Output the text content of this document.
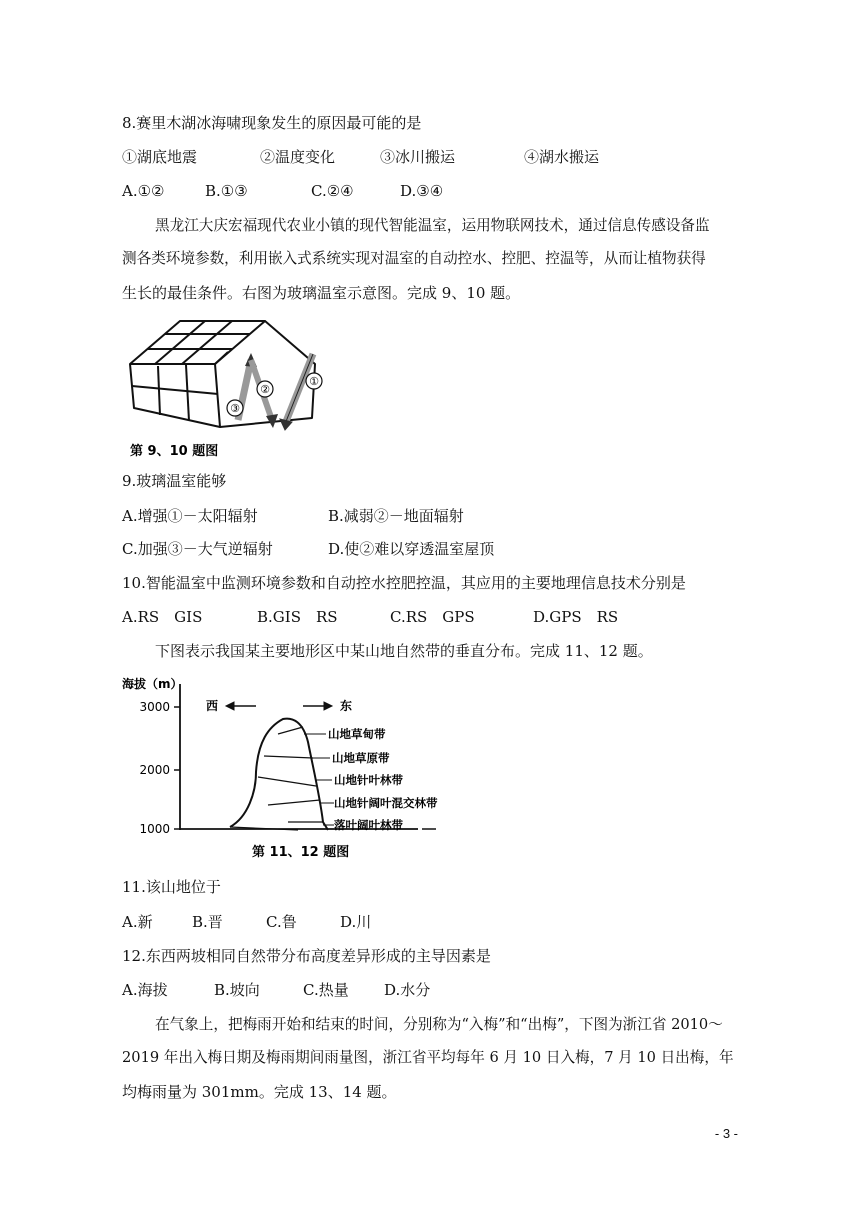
8.赛里木湖冰海啸现象发生的原因最可能的是
①湖底地震	②温度变化	③冰川搬运	④湖水搬运
A.①②	B.①③	C.②④	D.③④
黑龙江大庆宏福现代农业小镇的现代智能温室，运用物联网技术，通过信息传感设备监
测各类环境参数，利用嵌入式系统实现对温室的自动控水、控肥、控温等，从而让植物获得
生长的最佳条件。右图为玻璃温室示意图。完成 9、10 题。
①
②
③
第 9、10 题图
9.玻璃温室能够
A.增强①－太阳辐射	B.减弱②－地面辐射
C.加强③－大气逆辐射	D.使②难以穿透温室屋顶
10.智能温室中监测环境参数和自动控水控肥控温，其应用的主要地理信息技术分别是
A.RS　GIS	B.GIS　RS	C.RS　GPS	D.GPS　RS
下图表示我国某主要地形区中某山地自然带的垂直分布。完成 11、12 题。
海拔（m）
3000
2000
1000
西	东
山地草甸带
山地草原带
山地针叶林带
山地针阔叶混交林带
落叶阔叶林带
第 11、12 题图
11.该山地位于
A.新	B.晋	C.鲁	D.川
12.东西两坡相同自然带分布高度差异形成的主导因素是
A.海拔	B.坡向	C.热量 D.水分
在气象上，把梅雨开始和结束的时间，分别称为“入梅”和“出梅”，下图为浙江省 2010～
2019 年出入梅日期及梅雨期间雨量图，浙江省平均每年 6 月 10 日入梅，7 月 10 日出梅，年
均梅雨量为 301mm。完成 13、14 题。
- 3 -
